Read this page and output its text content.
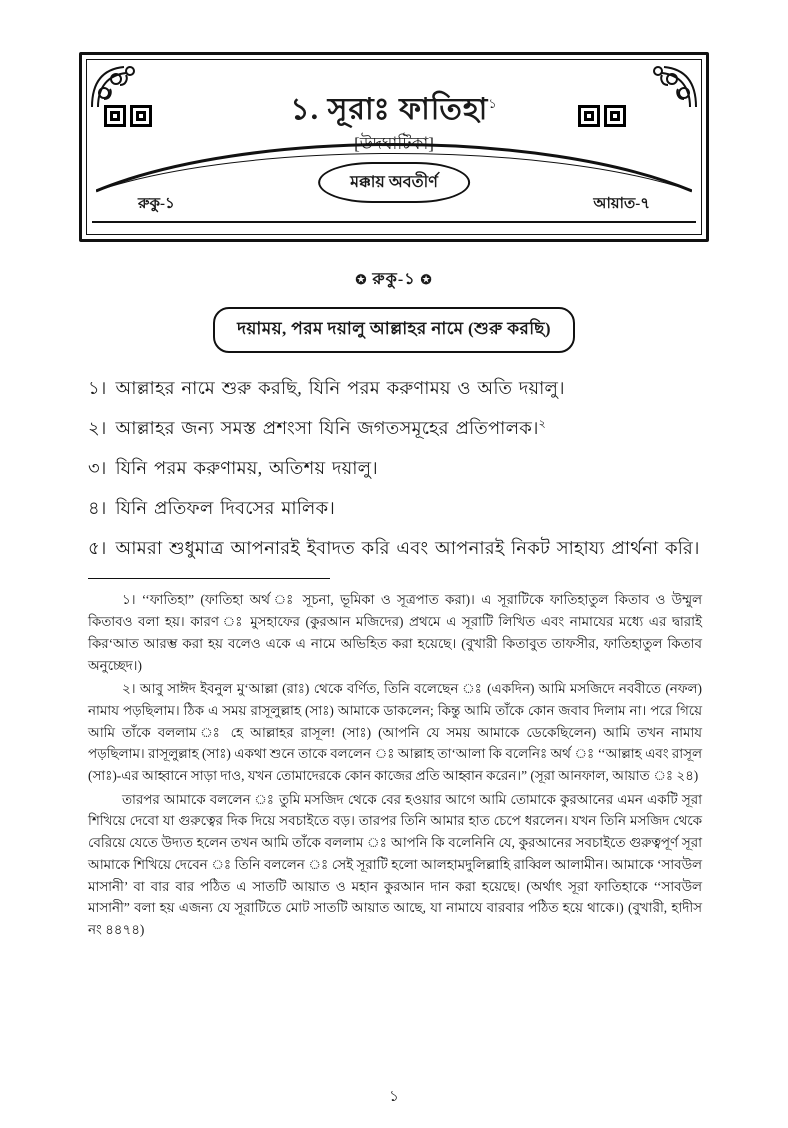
১. সূরাঃ ফাতিহা$^১$
[উদঘাটিকা]
মক্কায় অবতীর্ণ
রুকু-১	আয়াত-৭
✪ রুকু-১ ✪
দয়াময়, পরম দয়ালু আল্লাহর নামে (শুরু করছি)
১। আল্লাহর নামে শুরু করছি, যিনি পরম করুণাময় ও অতি দয়ালু।
২। আল্লাহর জন্য সমস্ত প্রশংসা যিনি জগতসমূহের প্রতিপালক।$^২$
৩। যিনি পরম করুণাময়, অতিশয় দয়ালু।
৪। যিনি প্রতিফল দিবসের মালিক।
৫। আমরা শুধুমাত্র আপনারই ইবাদত করি এবং আপনারই নিকট সাহায্য প্রার্থনা করি।

১। ‘‘ফাতিহা” (ফাতিহা অর্থ ঃ সূচনা, ভূমিকা ও সূত্রপাত করা)। এ সূরাটিকে ফাতিহাতুল কিতাব ও উম্মুল কিতাবও বলা হয়। কারণ ঃ মুসহাফের (কুরআন মজিদের) প্রথমে এ সূরাটি লিখিত এবং নামাযের মধ্যে এর দ্বারাই কির‘আত আরম্ভ করা হয় বলেও একে এ নামে অভিহিত করা হয়েছে। (বুখারী কিতাবুত তাফসীর, ফাতিহাতুল কিতাব অনুচ্ছেদ।)

২। আবু সাঈদ ইবনুল মু‘আল্লা (রাঃ) থেকে বর্ণিত, তিনি বলেছেন ঃ (একদিন) আমি মসজিদে নববীতে (নফল) নামায পড়ছিলাম। ঠিক এ সময় রাসূলুল্লাহ (সাঃ) আমাকে ডাকলেন; কিন্তু আমি তাঁকে কোন জবাব দিলাম না। পরে গিয়ে আমি তাঁকে বললাম ঃ হে আল্লাহর রাসূল! (সাঃ) (আপনি যে সময় আমাকে ডেকেছিলেন) আমি তখন নামায পড়ছিলাম। রাসূলুল্লাহ (সাঃ) একথা শুনে তাকে বললেন ঃ আল্লাহ তা‘আলা কি বলেনিঃ অর্থ ঃ ‘‘আল্লাহ এবং রাসূল (সাঃ)-এর আহ্বানে সাড়া দাও, যখন তোমাদেরকে কোন কাজের প্রতি আহ্বান করেন।” (সূরা আনফাল, আয়াত ঃ ২৪)

তারপর আমাকে বললেন ঃ তুমি মসজিদ থেকে বের হওয়ার আগে আমি তোমাকে কুরআনের এমন একটি সূরা শিখিয়ে দেবো যা গুরুত্বের দিক দিয়ে সবচাইতে বড়। তারপর তিনি আমার হাত চেপে ধরলেন। যখন তিনি মসজিদ থেকে বেরিয়ে যেতে উদ্যত হলেন তখন আমি তাঁকে বললাম ঃ আপনি কি বলেনিনি যে, কুরআনের সবচাইতে গুরুত্বপূর্ণ সূরা আমাকে শিখিয়ে দেবেন ঃ তিনি বললেন ঃ সেই সূরাটি হলো আলহামদুলিল্লাহি রাব্বিল আলামীন। আমাকে ‘সাবউল মাসানী’ বা বার বার পঠিত এ সাতটি আয়াত ও মহান কুরআন দান করা হয়েছে। (অর্থাৎ সূরা ফাতিহাকে ‘‘সাবউল মাসানী” বলা হয় এজন্য যে সূরাটিতে মোট সাতটি আয়াত আছে, যা নামাযে বারবার পঠিত হয়ে থাকে।) (বুখারী, হাদীস নং ৪৪৭৪)

১
